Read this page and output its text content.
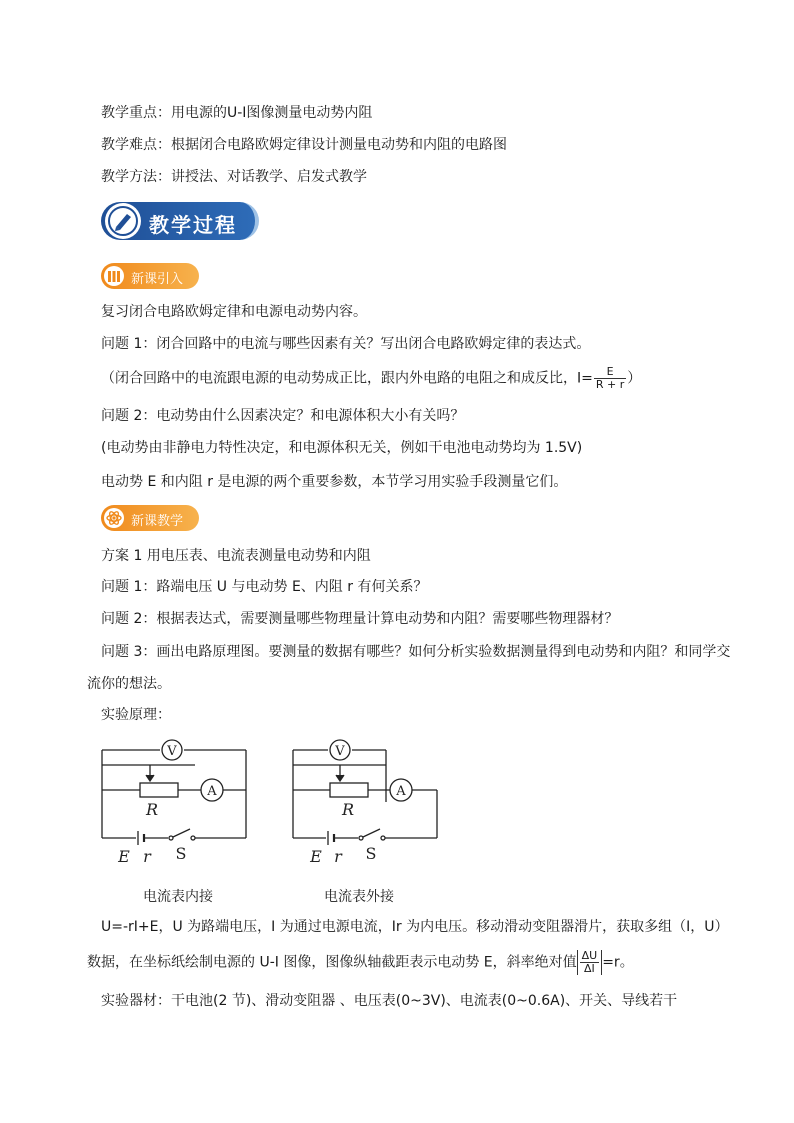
教学重点：用电源的U-I图像测量电动势内阻
教学难点：根据闭合电路欧姆定律设计测量电动势和内阻的电路图
教学方法：讲授法、对话教学、启发式教学
教学过程
新课引入
复习闭合电路欧姆定律和电源电动势内容。
问题 1：闭合回路中的电流与哪些因素有关？写出闭合电路欧姆定律的表达式。
（闭合回路中的电流跟电源的电动势成正比，跟内外电路的电阻之和成反比，$I= \frac{E}{R + r}$ ）
问题 2：电动势由什么因素决定？和电源体积大小有关吗？
(电动势由非静电力特性决定，和电源体积无关，例如干电池电动势均为 1.5V)
电动势 E 和内阻 r 是电源的两个重要参数，本节学习用实验手段测量它们。
新课教学
方案 1 用电压表、电流表测量电动势和内阻
问题 1：路端电压 U 与电动势 E、内阻 r 有何关系？
问题 2：根据表达式，需要测量哪些物理量计算电动势和内阻？需要哪些物理器材？
问题 3：画出电路原理图。要测量的数据有哪些？如何分析实验数据测量得到电动势和内阻？和同学交
流你的想法。
实验原理：
V
A
R
E r S
V
A
R
E r S
电流表内接	电流表外接
U=-rI+E，U 为路端电压，I 为通过电源电流，Ir 为内电压。移动滑动变阻器滑片，获取多组（I，U）
数据，在坐标纸绘制电源的 U-I 图像，图像纵轴截距表示电动势 E，斜率绝对值 $\frac{\Delta U}{\Delta I} =r$。
实验器材：干电池(2 节)、滑动变阻器 、电压表(0~3V)、电流表(0~0.6A)、开关、导线若干
